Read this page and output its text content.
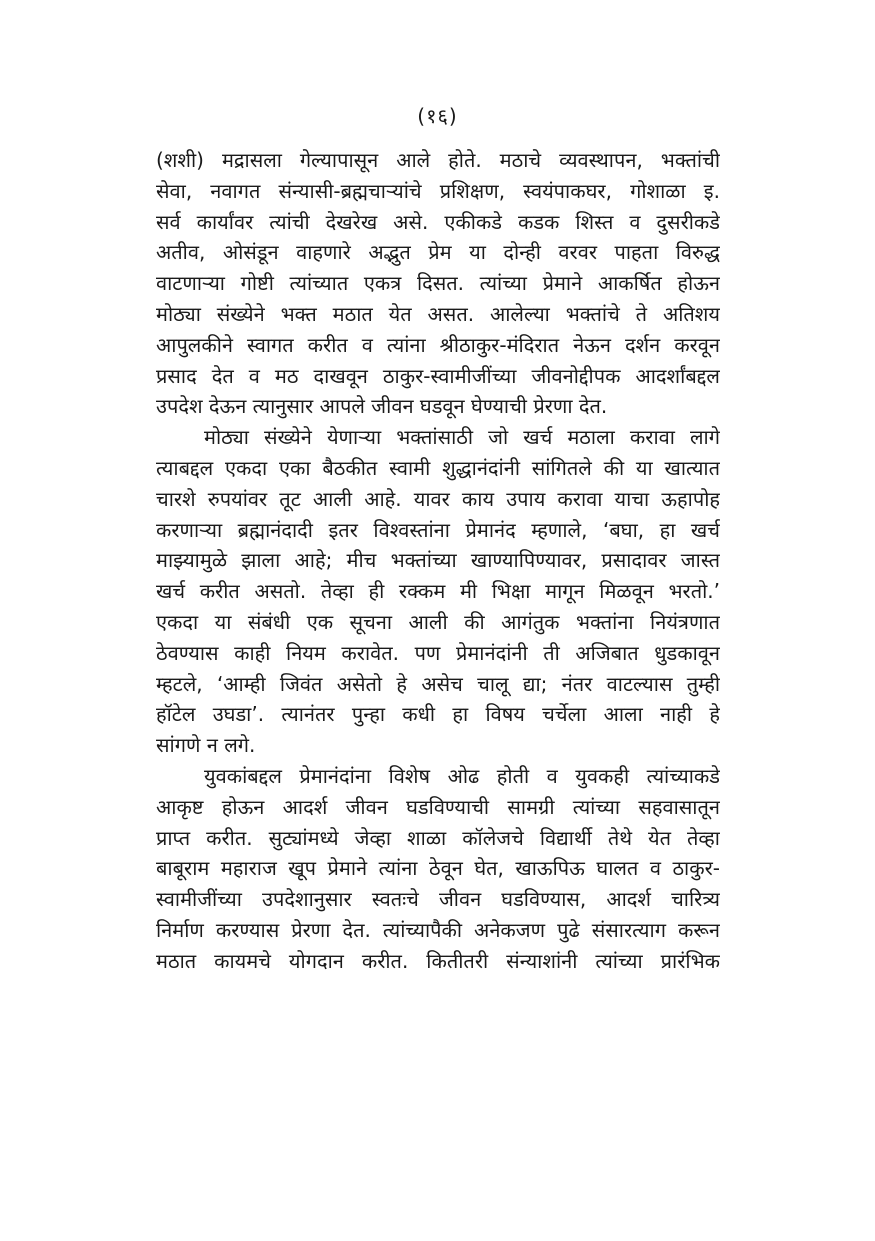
(१६)
(शशी) मद्रासला गेल्यापासून आले होते. मठाचे व्यवस्थापन, भक्तांची
सेवा, नवागत संन्यासी-ब्रह्मचाऱ्यांचे प्रशिक्षण, स्वयंपाकघर, गोशाळा इ.
सर्व कार्यांवर त्यांची देखरेख असे. एकीकडे कडक शिस्त व दुसरीकडे
अतीव, ओसंडून वाहणारे अद्भुत प्रेम या दोन्ही वरवर पाहता विरुद्ध
वाटणाऱ्या गोष्टी त्यांच्यात एकत्र दिसत. त्यांच्या प्रेमाने आकर्षित होऊन
मोठ्या संख्येने भक्त मठात येत असत. आलेल्या भक्तांचे ते अतिशय
आपुलकीने स्वागत करीत व त्यांना श्रीठाकुर-मंदिरात नेऊन दर्शन करवून
प्रसाद देत व मठ दाखवून ठाकुर-स्वामीजींच्या जीवनोद्दीपक आदर्शांबद्दल
उपदेश देऊन त्यानुसार आपले जीवन घडवून घेण्याची प्रेरणा देत.
मोठ्या संख्येने येणाऱ्या भक्तांसाठी जो खर्च मठाला करावा लागे
त्याबद्दल एकदा एका बैठकीत स्वामी शुद्धानंदांनी सांगितले की या खात्यात
चारशे रुपयांवर तूट आली आहे. यावर काय उपाय करावा याचा ऊहापोह
करणाऱ्या ब्रह्मानंदादी इतर विश्वस्तांना प्रेमानंद म्हणाले, ‘बघा, हा खर्च
माझ्यामुळे झाला आहे; मीच भक्तांच्या खाण्यापिण्यावर, प्रसादावर जास्त
खर्च करीत असतो. तेव्हा ही रक्कम मी भिक्षा मागून मिळवून भरतो.’
एकदा या संबंधी एक सूचना आली की आगंतुक भक्तांना नियंत्रणात
ठेवण्यास काही नियम करावेत. पण प्रेमानंदांनी ती अजिबात धुडकावून
म्हटले, ‘आम्ही जिवंत असेतो हे असेच चालू द्या; नंतर वाटल्यास तुम्ही
हॉटेल उघडा’. त्यानंतर पुन्हा कधी हा विषय चर्चेला आला नाही हे
सांगणे न लगे.
युवकांबद्दल प्रेमानंदांना विशेष ओढ होती व युवकही त्यांच्याकडे
आकृष्ट होऊन आदर्श जीवन घडविण्याची सामग्री त्यांच्या सहवासातून
प्राप्त करीत. सुट्यांमध्ये जेव्हा शाळा कॉलेजचे विद्यार्थी तेथे येत तेव्हा
बाबूराम महाराज खूप प्रेमाने त्यांना ठेवून घेत, खाऊपिऊ घालत व ठाकुर-
स्वामीजींच्या उपदेशानुसार स्वतःचे जीवन घडविण्यास, आदर्श चारित्र्य
निर्माण करण्यास प्रेरणा देत. त्यांच्यापैकी अनेकजण पुढे संसारत्याग करून
मठात कायमचे योगदान करीत. कितीतरी संन्याशांनी त्यांच्या प्रारंभिक
